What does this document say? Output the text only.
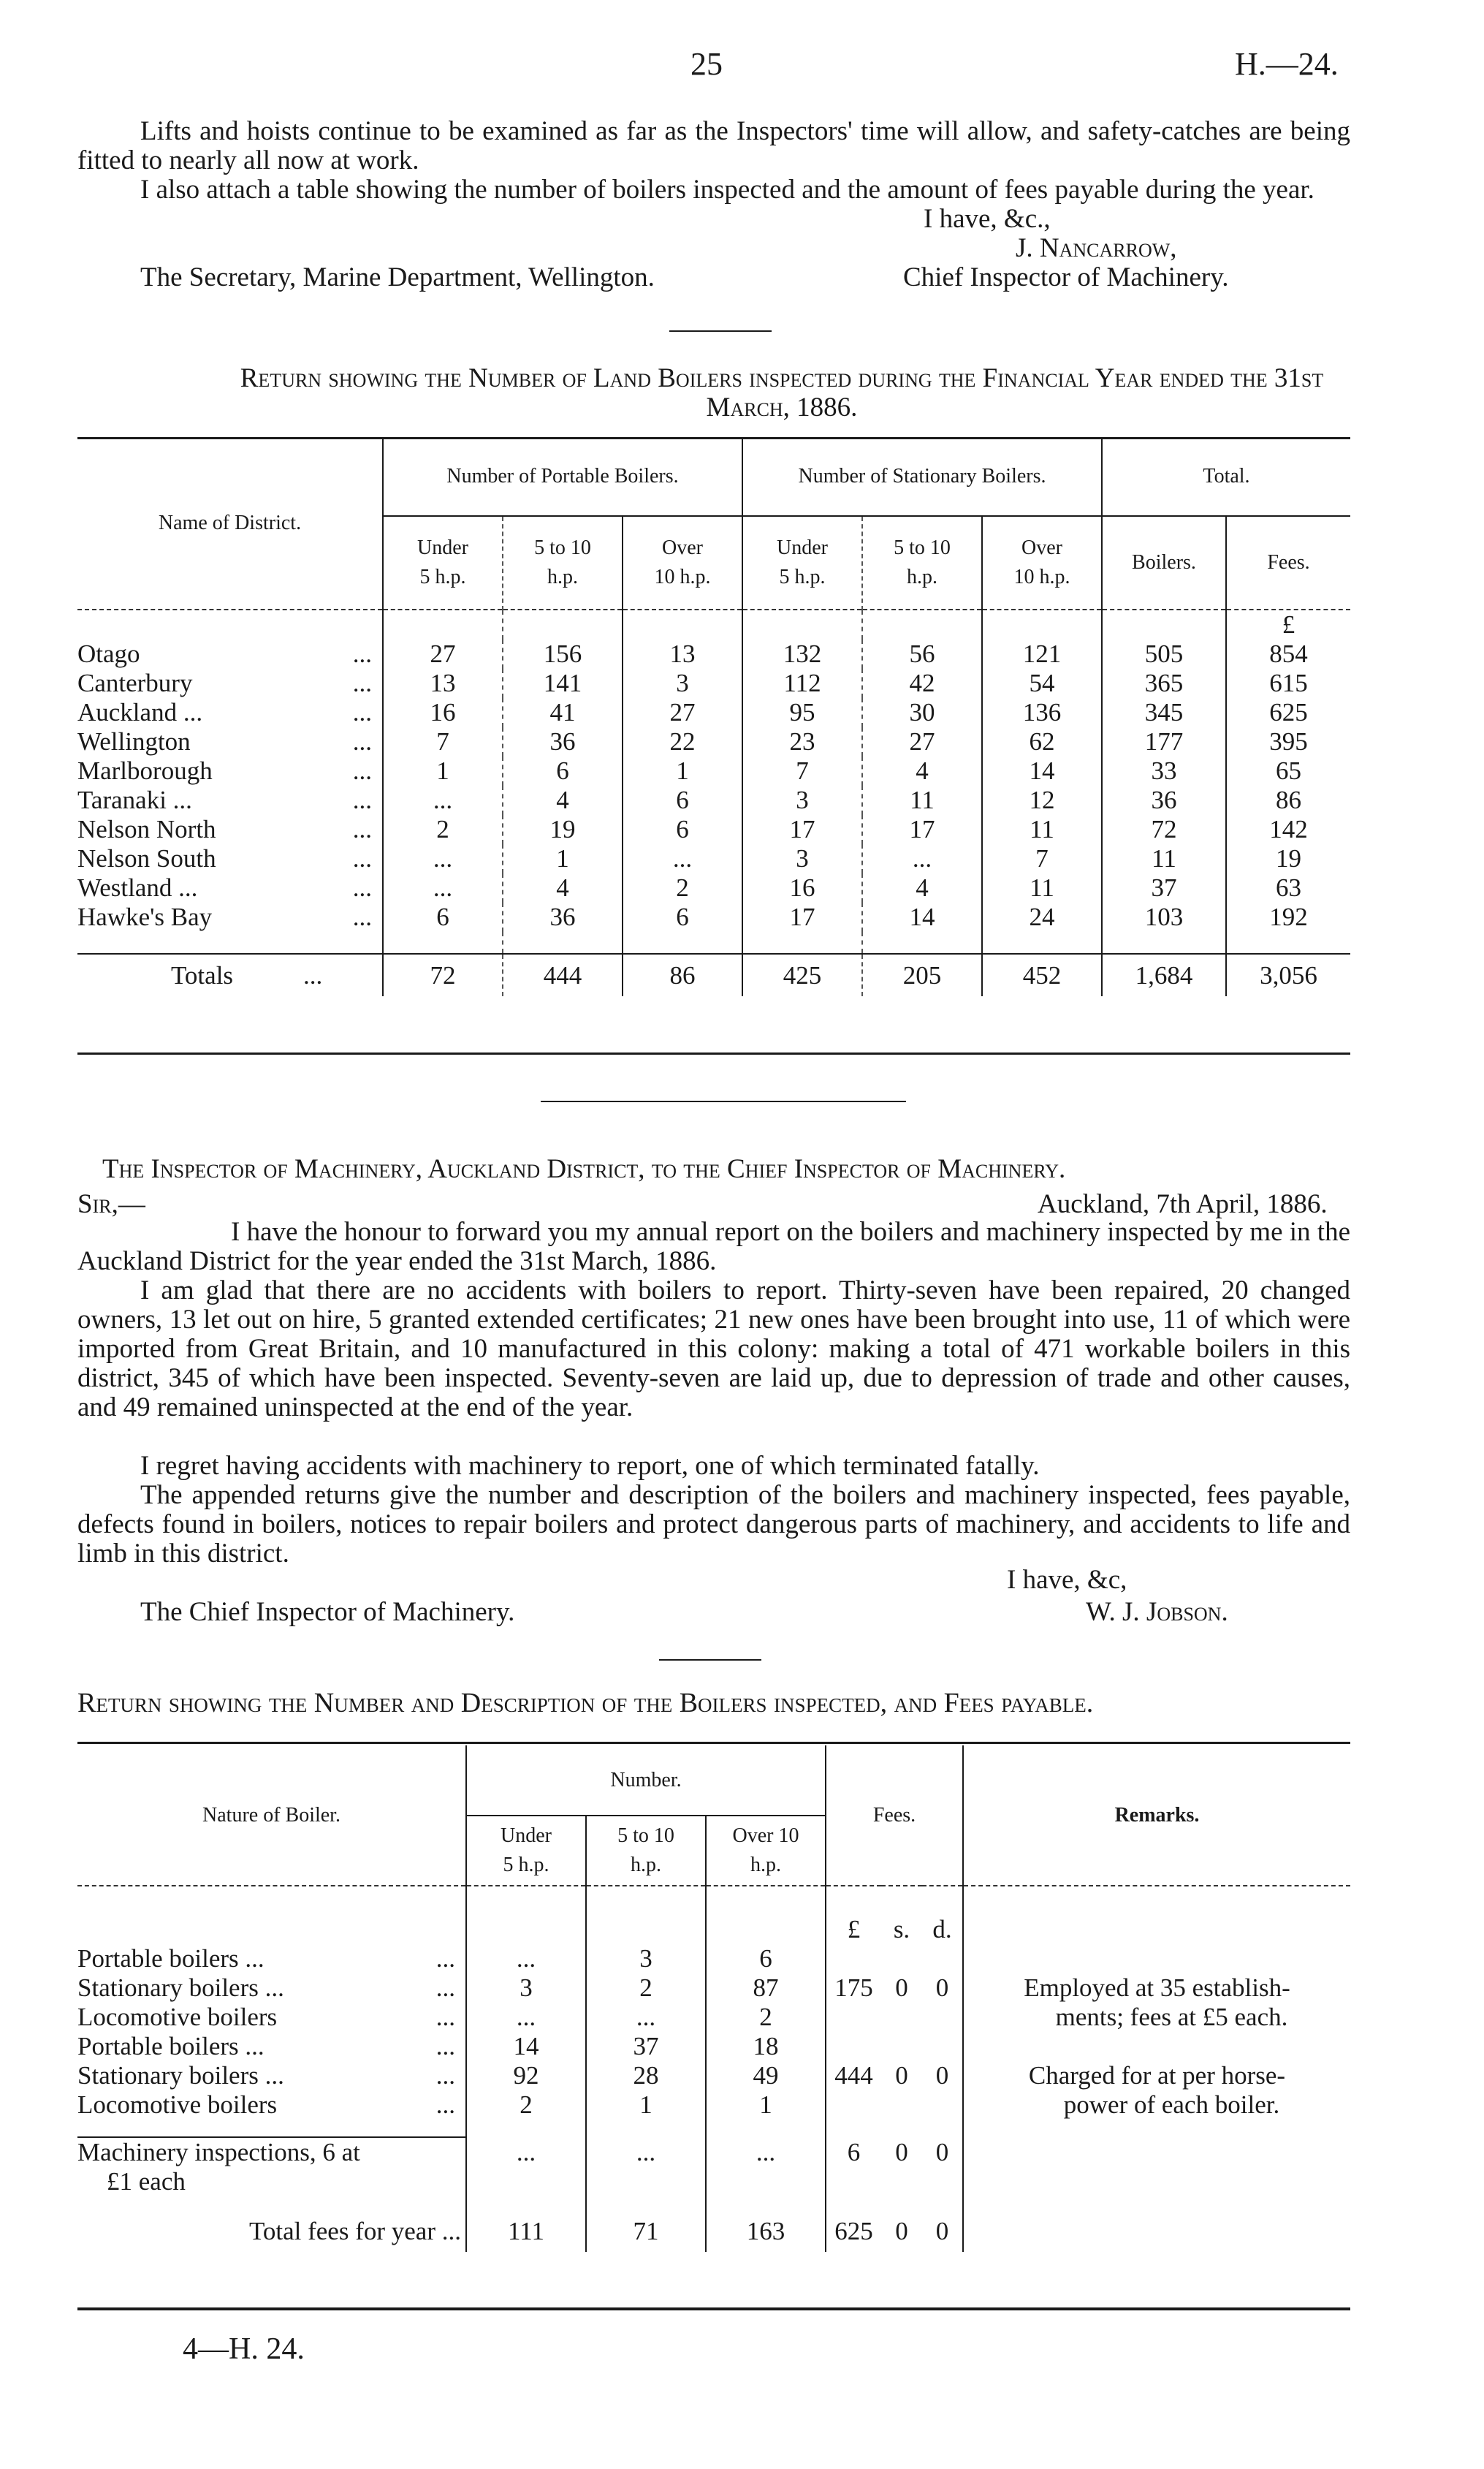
25	H.—24.
Lifts and hoists continue to be examined as far as the Inspectors' time will allow, and safety-catches are being fitted to nearly all now at work.
I also attach a table showing the number of boilers inspected and the amount of fees payable during the year.
I have, &c.,
J. Nancarrow,
The Secretary, Marine Department, Wellington.	Chief Inspector of Machinery.
Return showing the Number of Land Boilers inspected during the Financial Year ended the 31st March, 1886.
Name of District.	Number of Portable Boilers.			Number of Stationary Boilers.			Total.	
	Under 5 h.p.	5 to 10 h.p.	Over 10 h.p.	Under 5 h.p.	5 to 10 h.p.	Over 10 h.p.	Boilers.	Fees.
								£
Otago ...	27	156	13	132	56	121	505	854
Canterbury ...	13	141	3	112	42	54	365	615
Auckland ... ...	16	41	27	95	30	136	345	625
Wellington ...	7	36	22	23	27	62	177	395
Marlborough ...	1	6	1	7	4	14	33	65
Taranaki ... ...	...	4	6	3	11	12	36	86
Nelson North ...	2	19	6	17	17	11	72	142
Nelson South ...	...	1	...	3	...	7	11	19
Westland ... ...	...	4	2	16	4	11	37	63
Hawke's Bay ...	6	36	6	17	14	24	103	192

Totals ...	72	444	86	425	205	452	1,684	3,056
The Inspector of Machinery, Auckland District, to the Chief Inspector of Machinery.
Sir,—	Auckland, 7th April, 1886.
I have the honour to forward you my annual report on the boilers and machinery inspected by me in the Auckland District for the year ended the 31st March, 1886.
I am glad that there are no accidents with boilers to report. Thirty-seven have been repaired, 20 changed owners, 13 let out on hire, 5 granted extended certificates; 21 new ones have been brought into use, 11 of which were imported from Great Britain, and 10 manufactured in this colony: making a total of 471 workable boilers in this district, 345 of which have been inspected. Seventy-seven are laid up, due to depression of trade and other causes, and 49 remained uninspected at the end of the year.
I regret having accidents with machinery to report, one of which terminated fatally.
The appended returns give the number and description of the boilers and machinery inspected, fees payable, defects found in boilers, notices to repair boilers and protect dangerous parts of machinery, and accidents to life and limb in this district.
I have, &c,
The Chief Inspector of Machinery.	W. J. Jobson.
Return showing the Number and Description of the Boilers inspected, and Fees payable.
Nature of Boiler.	Number.			Fees.			Remarks.
	Under 5 h.p.	5 to 10 h.p.	Over 10 h.p.				
				£	s.	d.	
Portable boilers ... ...	...	3	6				
Stationary boilers ... ...	3	2	87	175	0	0	Employed at 35 establish-
Locomotive boilers ...	...	...	2				ments; fees at £5 each.
Portable boilers ... ...	14	37	18				
Stationary boilers ... ...	92	28	49	444	0	0	Charged for at per horse-
Locomotive boilers ...	2	1	1				power of each boiler.

Machinery inspections, 6 at	...	...	...	6	0	0	
£1 each							

Total fees for year ...	111	71	163	625	0	0	
4—H. 24.
